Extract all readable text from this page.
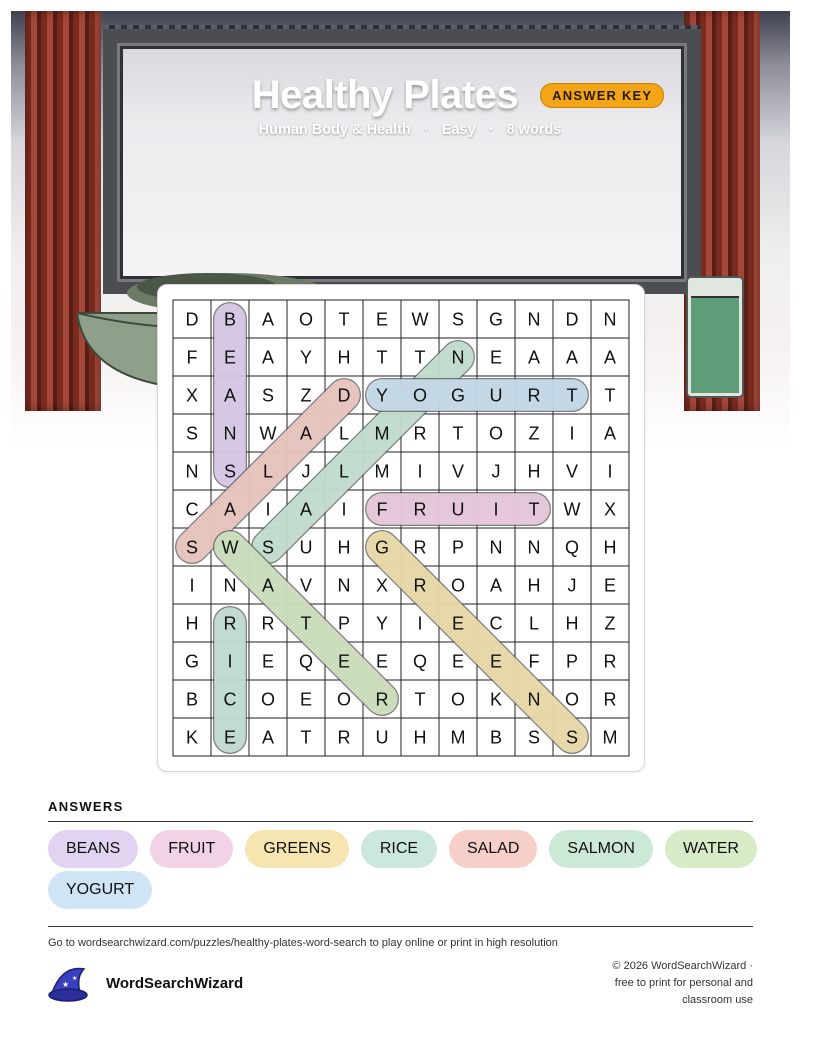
Healthy Plates	ANSWER KEY
Human Body & Health · Easy · 8 words
D B A O T E W S G N D N
F E A Y H T T N E A A A
X A S Z D Y O G U R T T
S N W A L M R T O Z I A
N S L J L M I V J H V I
C A I A I F R U I T W X
S W S U H G R P N N Q H
I N A V N X R O A H J E
H R R T P Y I E C L H Z
G I E Q E E Q E E F P R
B C O E O R T O K N O R
K E A T R U H M B S S M
ANSWERS
BEANS	FRUIT	GREENS	RICE	SALAD	SALMON	WATER
YOGURT
Go to wordsearchwizard.com/puzzles/healthy-plates-word-search to play online or print in high resolution
★
★ WordSearchWizard
© 2026 WordSearchWizard ·
free to print for personal and
classroom use
